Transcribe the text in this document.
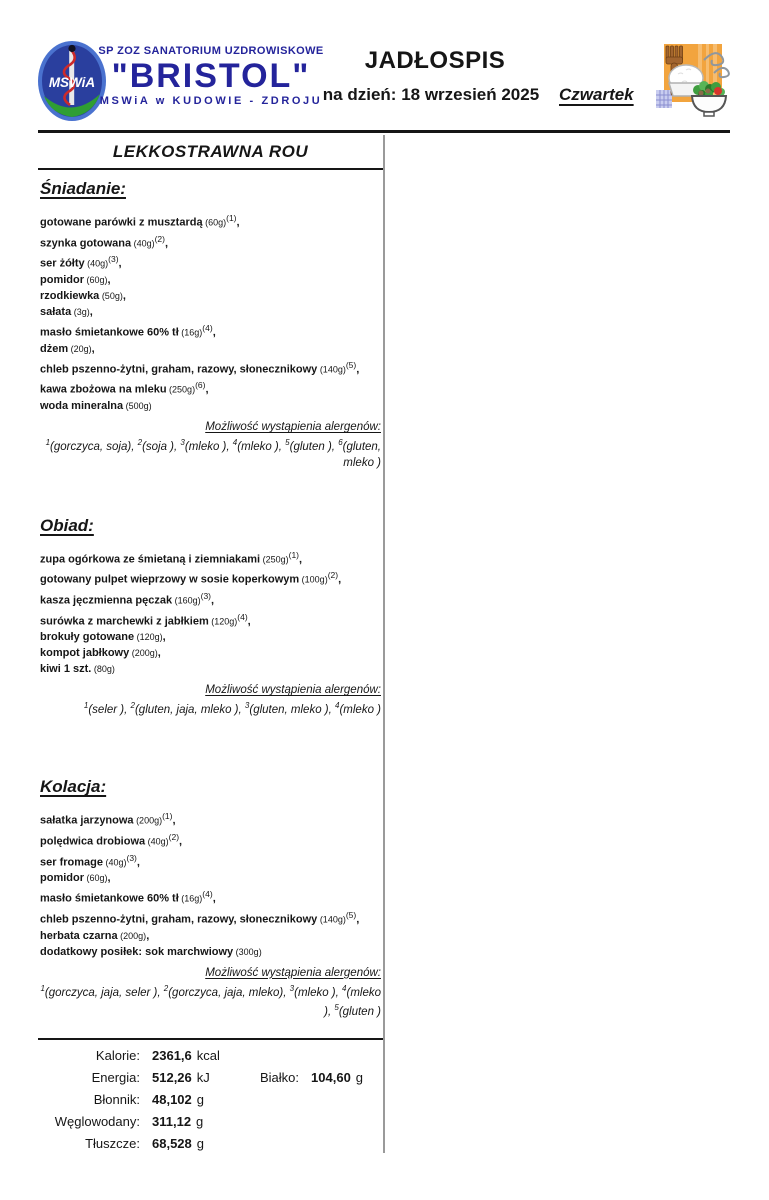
MSWiA
SP ZOZ SANATORIUM UZDROWISKOWE
"BRISTOL"
MSWiA w KUDOWIE - ZDROJU
JADŁOSPIS
na dzień: 18 wrzesień 2025	Czwartek
LEKKOSTRAWNA ROU
Śniadanie:
gotowane parówki z musztardą (60g)$^{(1)}$,
szynka gotowana (40g)$^{(2)}$,
ser żółty (40g)$^{(3)}$,
pomidor (60g),
rzodkiewka (50g),
sałata (3g),
masło śmietankowe 60% tł (16g)$^{(4)}$,
dżem (20g),
chleb pszenno-żytni, graham, razowy, słonecznikowy (140g)$^{(5)}$,
kawa zbożowa na mleku (250g)$^{(6)}$,
woda mineralna (500g)
Możliwość wystąpienia alergenów:
$^1$(gorczyca, soja), $^2$(soja ), $^3$(mleko ), $^4$(mleko ), $^5$(gluten ), $^6$(gluten, mleko )
Obiad:
zupa ogórkowa ze śmietaną i ziemniakami (250g)$^{(1)}$,
gotowany pulpet wieprzowy w sosie koperkowym (100g)$^{(2)}$,
kasza jęczmienna pęczak (160g)$^{(3)}$,
surówka z marchewki z jabłkiem (120g)$^{(4)}$,
brokuły gotowane (120g),
kompot jabłkowy (200g),
kiwi 1 szt. (80g)
Możliwość wystąpienia alergenów:
$^1$(seler ), $^2$(gluten, jaja, mleko ), $^3$(gluten, mleko ), $^4$(mleko )
Kolacja:
sałatka jarzynowa (200g)$^{(1)}$,
polędwica drobiowa (40g)$^{(2)}$,
ser fromage (40g)$^{(3)}$,
pomidor (60g),
masło śmietankowe 60% tł (16g)$^{(4)}$,
chleb pszenno-żytni, graham, razowy, słonecznikowy (140g)$^{(5)}$,
herbata czarna (200g),
dodatkowy posiłek: sok marchwiowy (300g)
Możliwość wystąpienia alergenów:
$^1$(gorczyca, jaja, seler ), $^2$(gorczyca, jaja, mleko), $^3$(mleko ), $^4$(mleko ), $^5$(gluten )
Kalorie: 2361,6 kcal
Energia: 512,26 kJ	Białko: 104,60 g
Błonnik: 48,102 g
Węglowodany: 311,12 g
Tłuszcze: 68,528 g
